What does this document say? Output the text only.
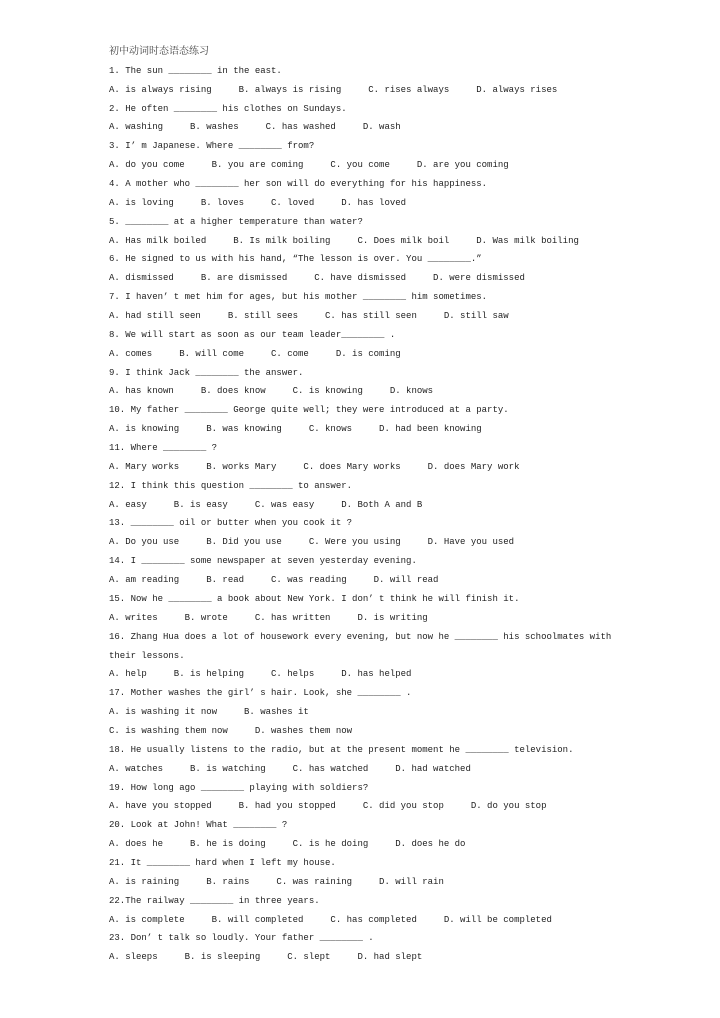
初中动词时态语态练习
1. The sun ________ in the east.
A. is always rising     B. always is rising     C. rises always     D. always rises
2. He often ________ his clothes on Sundays.
A. washing     B. washes     C. has washed     D. wash
3. I’ m Japanese. Where ________ from?
A. do you come     B. you are coming     C. you come     D. are you coming
4. A mother who ________ her son will do everything for his happiness.
A. is loving     B. loves     C. loved     D. has loved
5. ________ at a higher temperature than water?
A. Has milk boiled     B. Is milk boiling     C. Does milk boil     D. Was milk boiling
6. He signed to us with his hand, “The lesson is over. You ________.”
A. dismissed     B. are dismissed     C. have dismissed     D. were dismissed
7. I haven’ t met him for ages, but his mother ________ him sometimes.
A. had still seen     B. still sees     C. has still seen     D. still saw
8. We will start as soon as our team leader________ .
A. comes     B. will come     C. come     D. is coming
9. I think Jack ________ the answer.
A. has known     B. does know     C. is knowing     D. knows
10. My father ________ George quite well; they were introduced at a party.
A. is knowing     B. was knowing     C. knows     D. had been knowing
11. Where ________ ?
A. Mary works     B. works Mary     C. does Mary works     D. does Mary work
12. I think this question ________ to answer.
A. easy     B. is easy     C. was easy     D. Both A and B
13. ________ oil or butter when you cook it ?
A. Do you use     B. Did you use     C. Were you using     D. Have you used
14. I ________ some newspaper at seven yesterday evening.
A. am reading     B. read     C. was reading     D. will read
15. Now he ________ a book about New York. I don’ t think he will finish it.
A. writes     B. wrote     C. has written     D. is writing
16. Zhang Hua does a lot of housework every evening, but now he ________ his schoolmates with
their lessons.
A. help     B. is helping     C. helps     D. has helped
17. Mother washes the girl’ s hair. Look, she ________ .
A. is washing it now     B. washes it
C. is washing them now     D. washes them now
18. He usually listens to the radio, but at the present moment he ________ television.
A. watches     B. is watching     C. has watched     D. had watched
19. How long ago ________ playing with soldiers?
A. have you stopped     B. had you stopped     C. did you stop     D. do you stop
20. Look at John! What ________ ?
A. does he     B. he is doing     C. is he doing     D. does he do
21. It ________ hard when I left my house.
A. is raining     B. rains     C. was raining     D. will rain
22.The railway ________ in three years.
A. is complete     B. will completed     C. has completed     D. will be completed
23. Don’ t talk so loudly. Your father ________ .
A. sleeps     B. is sleeping     C. slept     D. had slept
